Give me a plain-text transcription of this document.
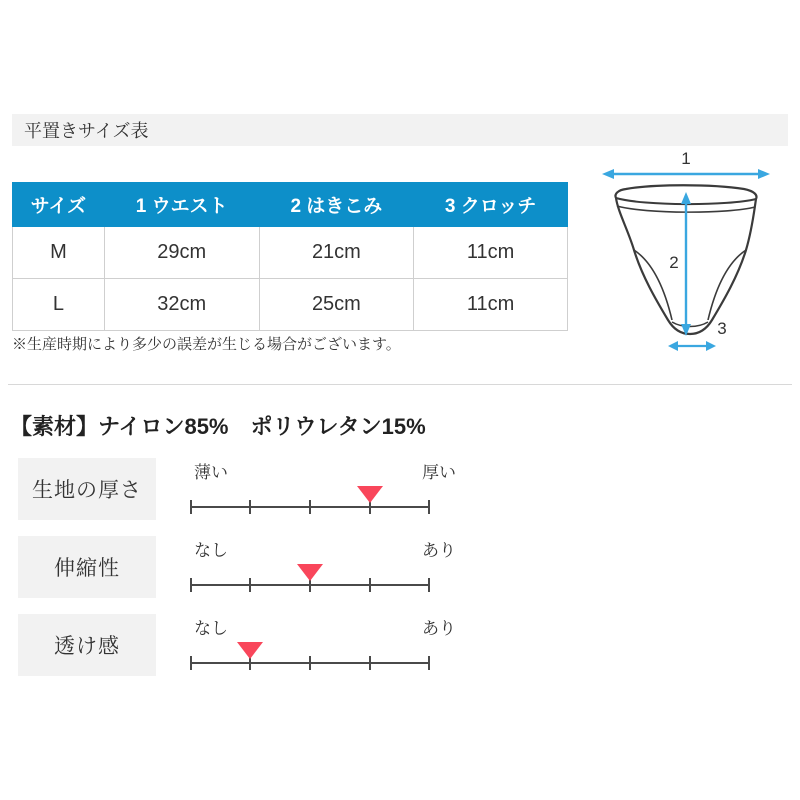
平置きサイズ表
サイズ	1 ウエスト	2 はきこみ	3 クロッチ
M	29cm	21cm	11cm
L	32cm	25cm	11cm
※生産時期により多少の誤差が生じる場合がございます。
1
2
3
【素材】ナイロン85%　ポリウレタン15%
生地の厚さ
薄い	厚い
伸縮性
なし	あり
透け感
なし	あり
